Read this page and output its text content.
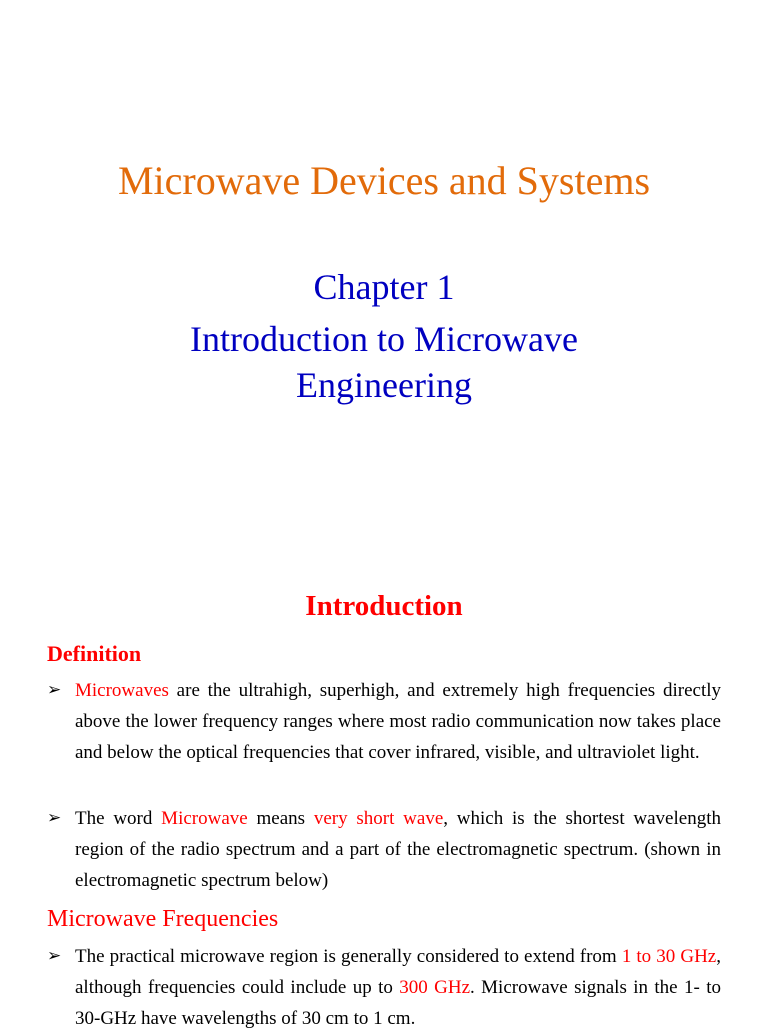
Microwave Devices and Systems
Chapter 1
Introduction to Microwave Engineering
Introduction
Definition
➢ Microwaves are the ultrahigh, superhigh, and extremely high frequencies directly above the lower frequency ranges where most radio communication now takes place and below the optical frequencies that cover infrared, visible, and ultraviolet light.
➢ The word Microwave means very short wave, which is the shortest wavelength region of the radio spectrum and a part of the electromagnetic spectrum. (shown in electromagnetic spectrum below)
Microwave Frequencies
➢ The practical microwave region is generally considered to extend from 1 to 30 GHz, although frequencies could include up to 300 GHz. Microwave signals in the 1- to 30-GHz have wavelengths of 30 cm to 1 cm.
